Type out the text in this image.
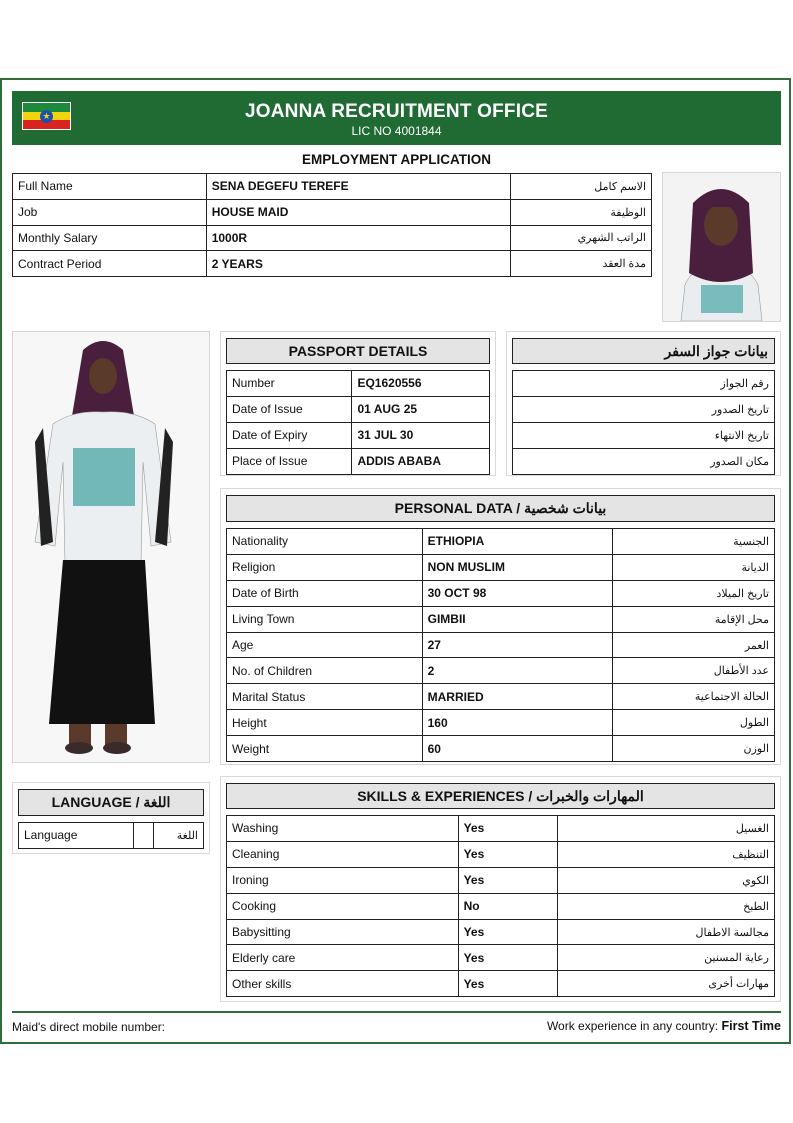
★	JOANNA RECRUITMENT OFFICE
LIC NO 4001844
EMPLOYMENT APPLICATION
Full Name	SENA DEGEFU TEREFE	الاسم كامل
Job	HOUSE MAID	الوظيفة
Monthly Salary	1000R	الراتب الشهري
Contract Period	2 YEARS	مدة العقد
PASSPORT DETAILS
Number	EQ1620556
Date of Issue	01 AUG 25
Date of Expiry	31 JUL 30
Place of Issue	ADDIS ABABA
بيانات جواز السفر
رقم الجواز
تاريخ الصدور
تاريخ الانتهاء
مكان الصدور
PERSONAL DATA / بيانات شخصية
Nationality	ETHIOPIA	الجنسية
Religion	NON MUSLIM	الديانة
Date of Birth	30 OCT 98	تاريخ الميلاد
Living Town	GIMBII	محل الإقامة
Age	27	العمر
No. of Children	2	عدد الأطفال
Marital Status	MARRIED	الحالة الاجتماعية
Height	160	الطول
Weight	60	الوزن
LANGUAGE / اللغة
Language		اللغة
SKILLS & EXPERIENCES / المهارات والخبرات
Washing	Yes	الغسيل
Cleaning	Yes	التنظيف
Ironing	Yes	الكوي
Cooking	No	الطبخ
Babysitting	Yes	مجالسة الاطفال
Elderly care	Yes	رعاية المسنين
Other skills	Yes	مهارات أخرى
Maid's direct mobile number:	Work experience in any country: First Time
